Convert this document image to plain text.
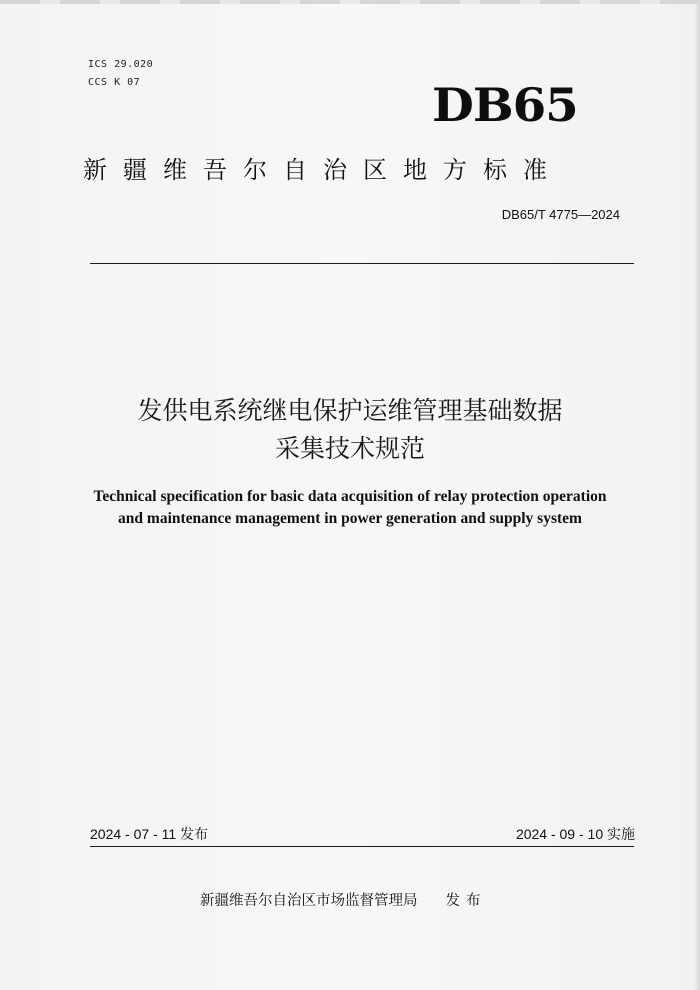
ICS 29.020
CCS K 07	DB65
新疆维吾尔自治区地方标准
DB65/T 4775—2024
发供电系统继电保护运维管理基础数据
采集技术规范
Technical specification for basic data acquisition of relay protection operation
and maintenance management in power generation and supply system
2024 - 07 - 11 发布	2024 - 09 - 10 实施
新疆维吾尔自治区市场监督管理局 发布
